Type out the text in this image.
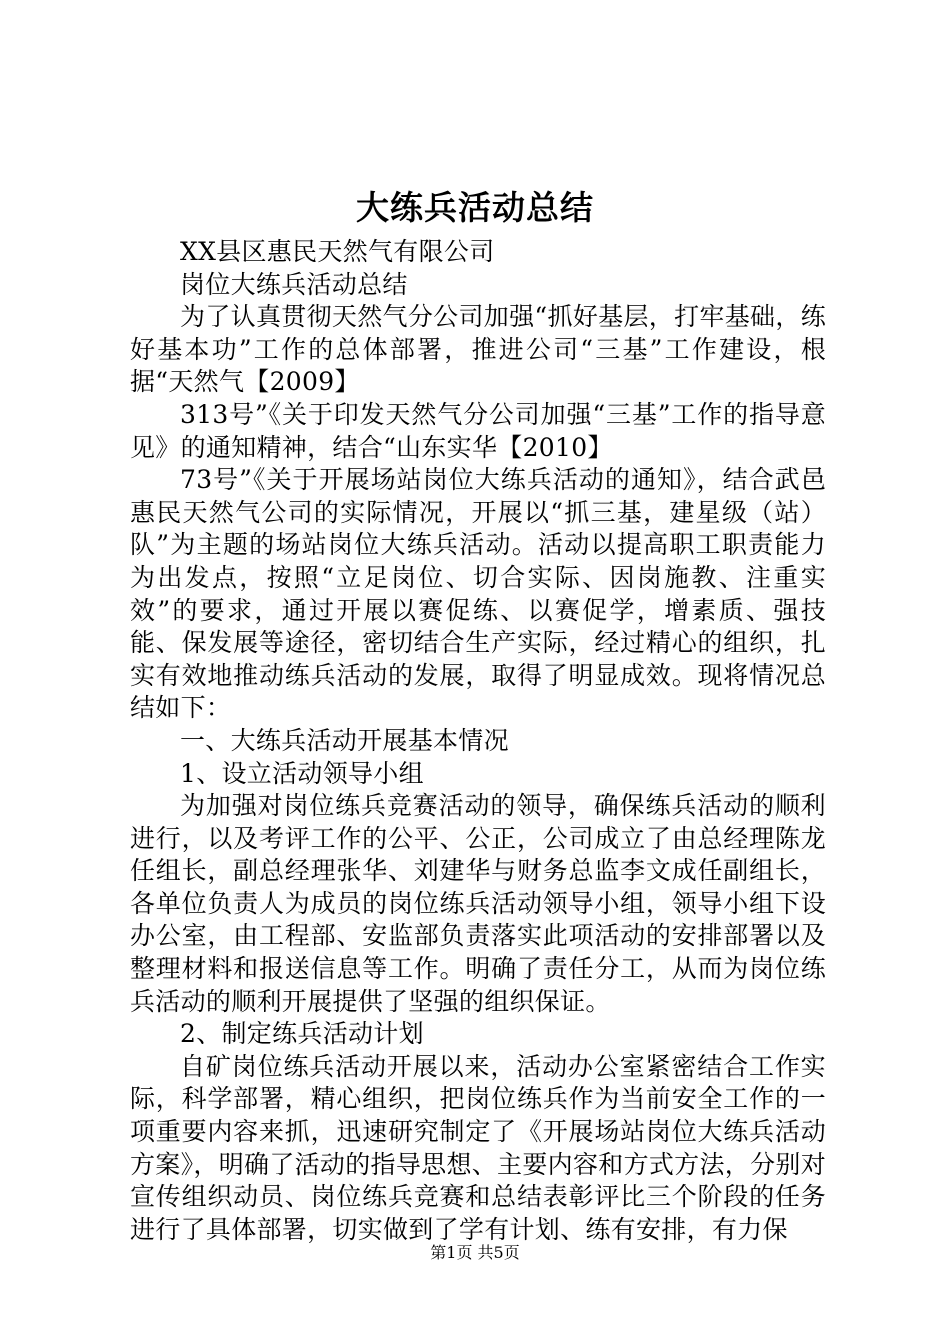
大练兵活动总结

XX县区惠民天然气有限公司

岗位大练兵活动总结

为了认真贯彻天然气分公司加强“抓好基层，打牢基础，练好基本功”工作的总体部署，推进公司“三基”工作建设，根据“天然气【2009】

313号”《关于印发天然气分公司加强“三基”工作的指导意见》的通知精神，结合“山东实华【2010】

73号”《关于开展场站岗位大练兵活动的通知》，结合武邑惠民天然气公司的实际情况，开展以“抓三基，建星级（站）队”为主题的场站岗位大练兵活动。活动以提高职工职责能力为出发点，按照“立足岗位、切合实际、因岗施教、注重实效”的要求，通过开展以赛促练、以赛促学，增素质、强技能、保发展等途径，密切结合生产实际，经过精心的组织，扎实有效地推动练兵活动的发展，取得了明显成效。现将情况总结如下：

一、大练兵活动开展基本情况

1、设立活动领导小组

为加强对岗位练兵竞赛活动的领导，确保练兵活动的顺利进行，以及考评工作的公平、公正，公司成立了由总经理陈龙任组长，副总经理张华、刘建华与财务总监李文成任副组长，各单位负责人为成员的岗位练兵活动领导小组，领导小组下设办公室，由工程部、安监部负责落实此项活动的安排部署以及整理材料和报送信息等工作。明确了责任分工，从而为岗位练兵活动的顺利开展提供了坚强的组织保证。

2、制定练兵活动计划

自矿岗位练兵活动开展以来，活动办公室紧密结合工作实际，科学部署，精心组织，把岗位练兵作为当前安全工作的一项重要内容来抓，迅速研究制定了《开展场站岗位大练兵活动方案》，明确了活动的指导思想、主要内容和方式方法，分别对宣传组织动员、岗位练兵竞赛和总结表彰评比三个阶段的任务进行了具体部署，切实做到了学有计划、练有安排，有力保

第1页 共5页
